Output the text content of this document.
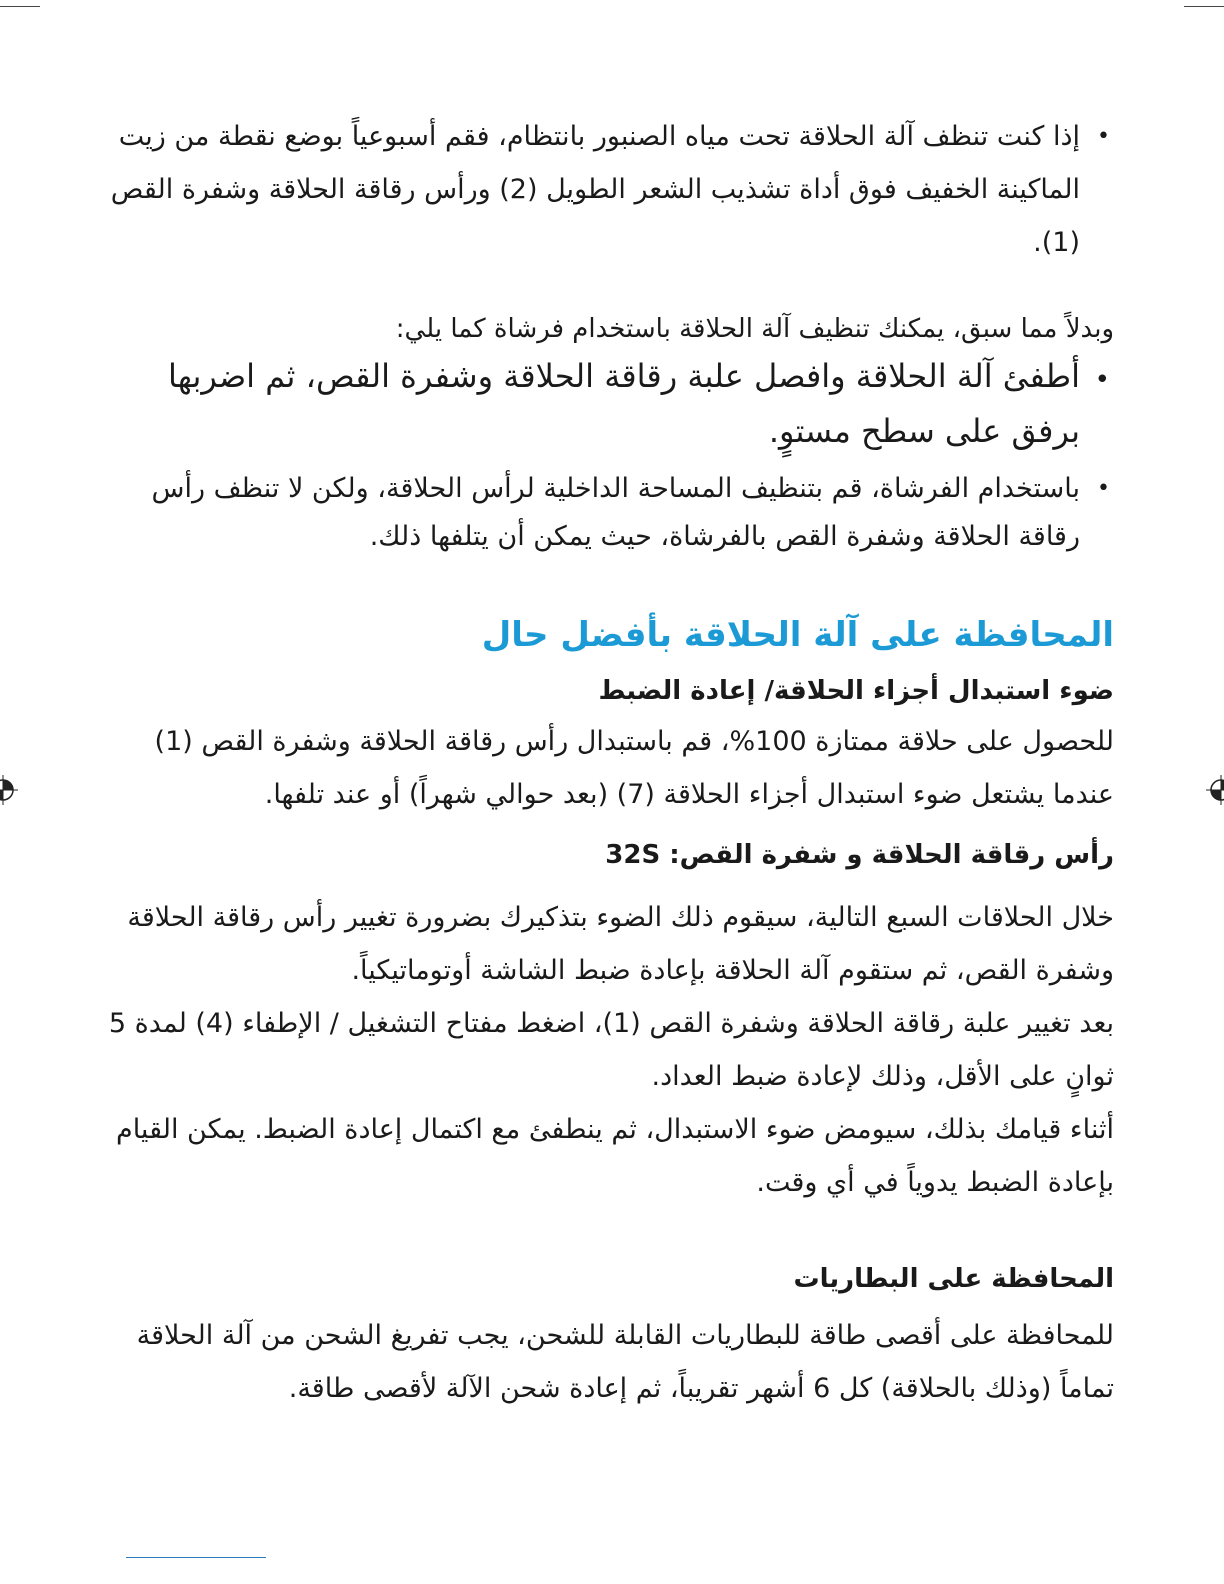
• إذا كنت تنظف آلة الحلاقة تحت مياه الصنبور بانتظام، فقم أسبوعياً بوضع نقطة من زيت الماكينة الخفيف فوق أداة تشذيب الشعر الطويل (2) ورأس رقاقة الحلاقة وشفرة القص (1).

وبدلاً مما سبق، يمكنك تنظيف آلة الحلاقة باستخدام فرشاة كما يلي:

• أطفئ آلة الحلاقة وافصل علبة رقاقة الحلاقة وشفرة القص، ثم اضربها برفق على سطح مستوٍ.
• باستخدام الفرشاة، قم بتنظيف المساحة الداخلية لرأس الحلاقة، ولكن لا تنظف رأس رقاقة الحلاقة وشفرة القص بالفرشاة، حيث يمكن أن يتلفها ذلك.
المحافظة على آلة الحلاقة بأفضل حال
ضوء استبدال أجزاء الحلاقة/ إعادة الضبط

للحصول على حلاقة ممتازة 100%، قم باستبدال رأس رقاقة الحلاقة وشفرة القص (1) عندما يشتعل ضوء استبدال أجزاء الحلاقة (7) (بعد حوالي شهراً) أو عند تلفها.

رأس رقاقة الحلاقة و شفرة القص: 32S

خلال الحلاقات السبع التالية، سيقوم ذلك الضوء بتذكيرك بضرورة تغيير رأس رقاقة الحلاقة وشفرة القص، ثم ستقوم آلة الحلاقة بإعادة ضبط الشاشة أوتوماتيكياً.

بعد تغيير علبة رقاقة الحلاقة وشفرة القص (1)، اضغط مفتاح التشغيل / الإطفاء (4) لمدة 5 ثوانٍ على الأقل، وذلك لإعادة ضبط العداد.

أثناء قيامك بذلك، سيومض ضوء الاستبدال، ثم ينطفئ مع اكتمال إعادة الضبط. يمكن القيام بإعادة الضبط يدوياً في أي وقت.

المحافظة على البطاريات

للمحافظة على أقصى طاقة للبطاريات القابلة للشحن، يجب تفريغ الشحن من آلة الحلاقة تماماً (وذلك بالحلاقة) كل 6 أشهر تقريباً، ثم إعادة شحن الآلة لأقصى طاقة.
